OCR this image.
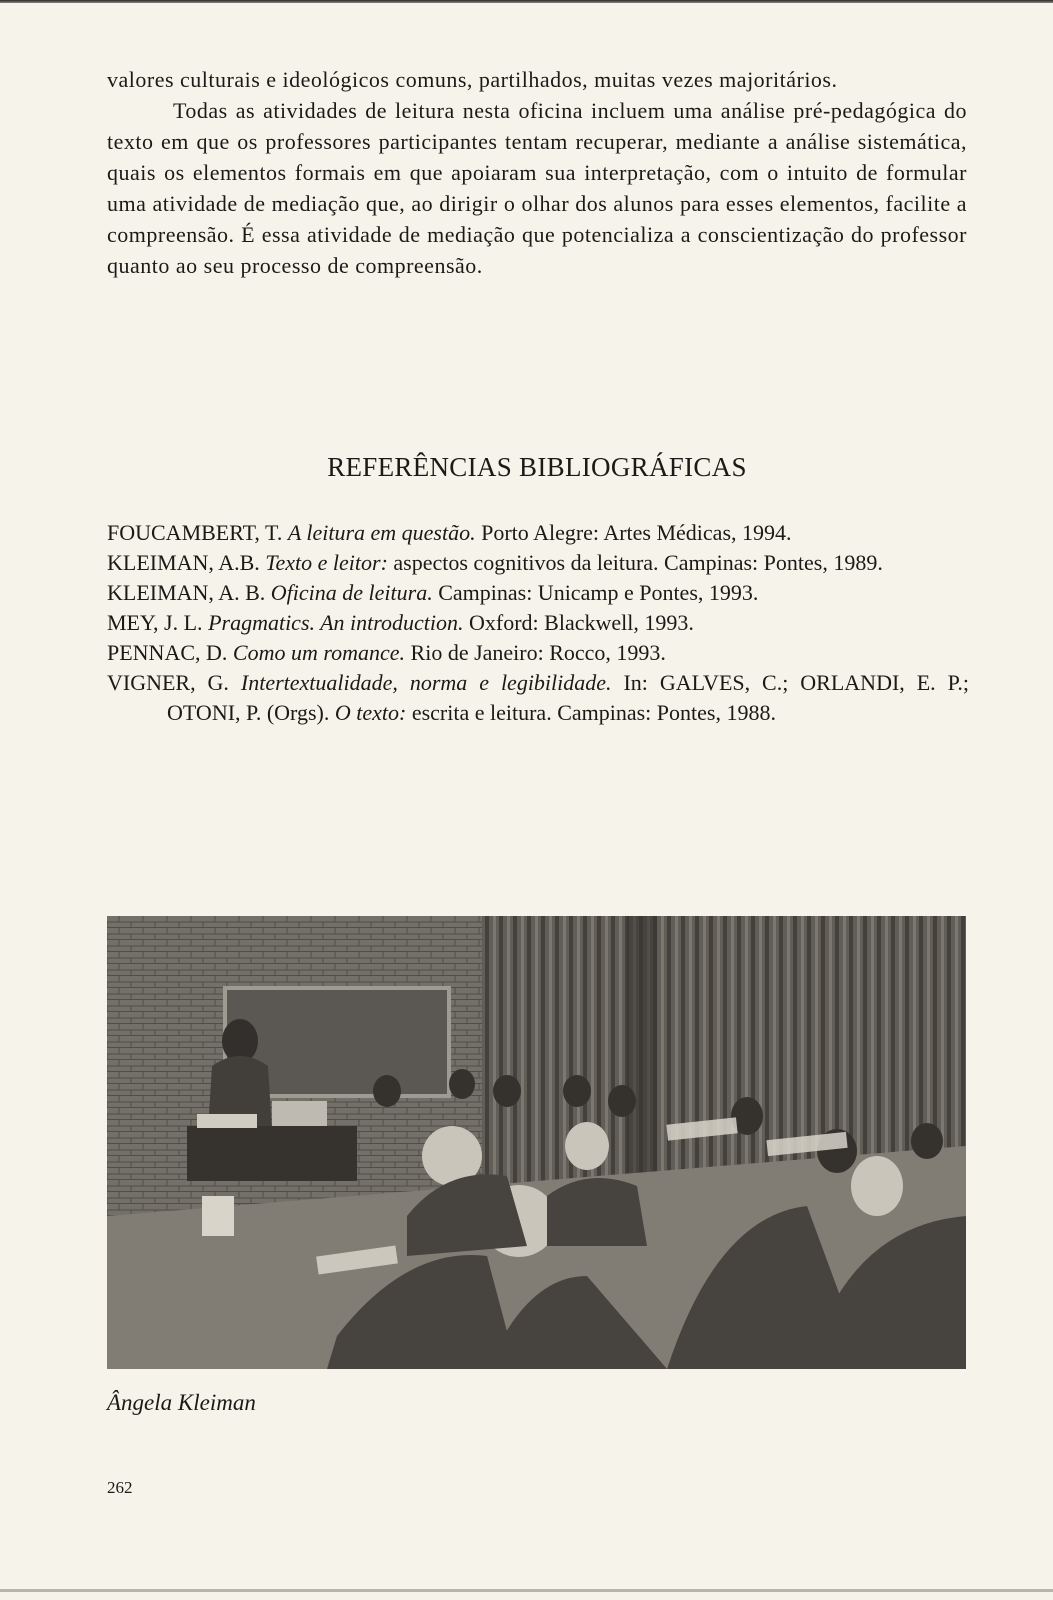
valores culturais e ideológicos comuns, partilhados, muitas vezes majoritários.

Todas as atividades de leitura nesta oficina incluem uma análise pré-pedagógica do texto em que os professores participantes tentam recuperar, mediante a análise sistemática, quais os elementos formais em que apoiaram sua interpretação, com o intuito de formular uma atividade de mediação que, ao dirigir o olhar dos alunos para esses elementos, facilite a compreensão. É essa atividade de mediação que potencializa a conscientização do professor quanto ao seu processo de compreensão.

REFERÊNCIAS BIBLIOGRÁFICAS

FOUCAMBERT, T. A leitura em questão. Porto Alegre: Artes Médicas, 1994.

KLEIMAN, A.B. Texto e leitor: aspectos cognitivos da leitura. Campinas: Pontes, 1989.

KLEIMAN, A. B. Oficina de leitura. Campinas: Unicamp e Pontes, 1993.

MEY, J. L. Pragmatics. An introduction. Oxford: Blackwell, 1993.

PENNAC, D. Como um romance. Rio de Janeiro: Rocco, 1993.

VIGNER, G. Intertextualidade, norma e legibilidade. In: GALVES, C.; ORLANDI, E. P.; OTONI, P. (Orgs). O texto: escrita e leitura. Campinas: Pontes, 1988.

Ângela Kleiman
262
